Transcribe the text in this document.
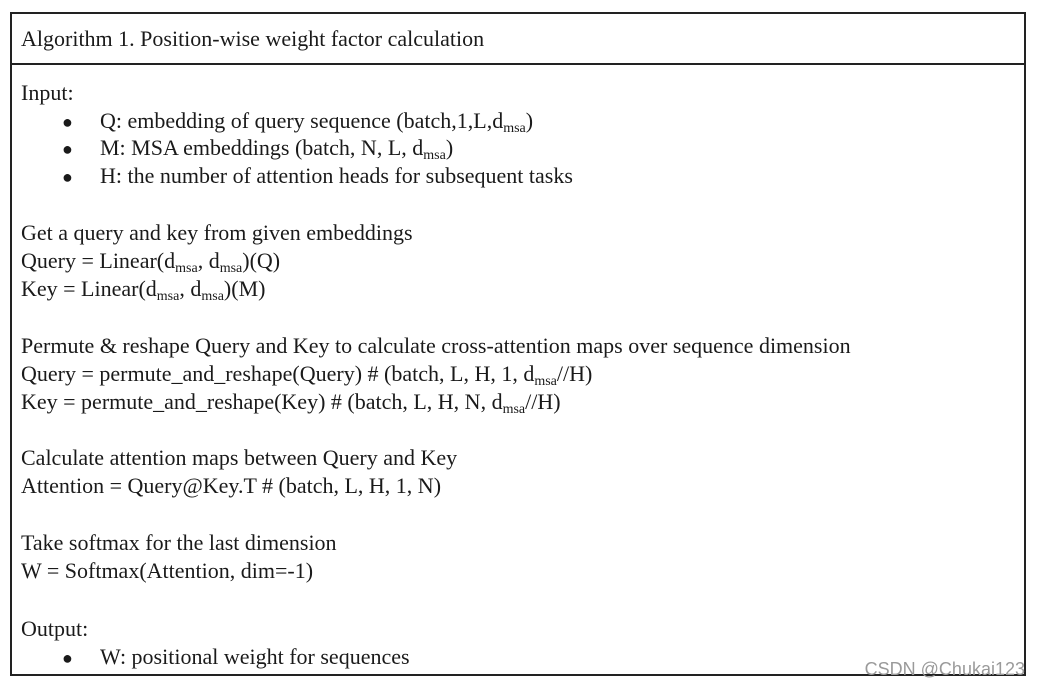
Algorithm 1. Position-wise weight factor calculation
Input:
● Q: embedding of query sequence $(batch,1,L,d_{msa})$
● M: MSA embeddings (batch, N, L, $d_{msa}$)
● H: the number of attention heads for subsequent tasks
Get a query and key from given embeddings
Query = $Linear(d_{msa}$, $d_{msa})(Q)$
Key = $Linear(d_{msa}$, $d_{msa})(M)$
Permute & reshape Query and Key to calculate cross-attention maps over sequence dimension
Query = permute_and_reshape(Query) # (batch, L, H, 1, $d_{msa}//H$)
Key = permute_and_reshape(Key) # (batch, L, H, N, $d_{msa}//H$)
Calculate attention maps between Query and Key
Attention = Query@Key.T # (batch, L, H, 1, N)
Take softmax for the last dimension
W = Softmax(Attention, dim=-1)
Output:
● W: positional weight for sequences	CSDN @Chukai123
